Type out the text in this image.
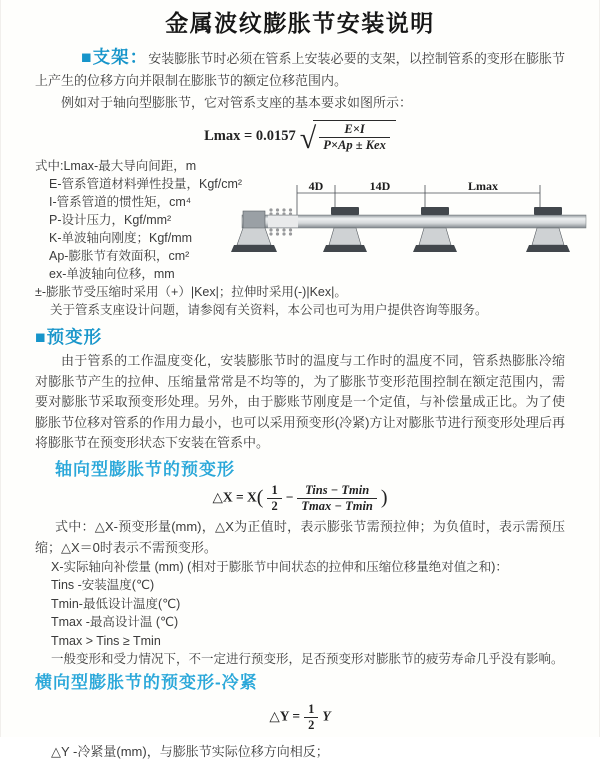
金属波纹膨胀节安装说明

■支架：安装膨胀节时必须在管系上安装必要的支架，以控制管系的变形在膨胀节上产生的位移方向并限制在膨胀节的额定位移范围内。

例如对于轴向型膨胀节，它对管系支座的基本要求如图所示：

Lmax = 0.0157 √	E×I
P×Ap ± Kex
式中:Lmax-最大导向间距，m
E-管系管道材料弹性投量，Kgf/cm²
I-管系管道的惯性矩，cm⁴
P-设计压力，Kgf/mm²
K-单波轴向刚度；Kgf/mm
Ap-膨胀节有效面积，cm²
ex-单波轴向位移，mm
±-膨胀节受压缩时采用（+）|Kex|；拉伸时采用(-)|Kex|。
关于管系支座设计问题，请参阅有关资料，本公司也可为用户提供咨询等服务。
4D	14D	Lmax
■预变形

由于管系的工作温度变化，安装膨胀节时的温度与工作时的温度不同，管系热膨胀冷缩对膨胀节产生的拉伸、压缩量常常是不均等的，为了膨胀节变形范围控制在额定范围内，需要对膨胀节采取预变形处理。另外，由于膨账节刚度是一个定值，与补偿量成正比。为了使膨胀节位移对管系的作用力最小，也可以采用预变形(冷紧)方让对膨胀节进行预变形处理后再将膨胀节在预变形状态下安装在管系中。

轴向型膨胀节的预变形
△X = $X( \frac{1}{2}$ − Tins − Tmin
Tmax − Tmin )

式中：△X-预变形量(mm)，△X为正值时，表示膨张节需预拉伸；为负值时，表示需预压缩；△X＝0时表示不需预变形。

X-实际轴向补偿量 (mm) (相对于膨胀节中间状态的拉伸和压缩位移量绝对值之和)：
Tins -安装温度(℃)
Tmin-最低设计温度(℃)
Tmax -最高设计温 (℃)
Tmax > Tins ≥ Tmin
一般变形和受力情况下，不一定进行预变形，足否预变形对膨胀节的疲劳寿命几乎没有影响。
横向型膨胀节的预变形-冷紧
△Y = $\frac{1}{2}$ Y
△Y -冷紧量(mm)，与膨胀节实际位移方向相反；
